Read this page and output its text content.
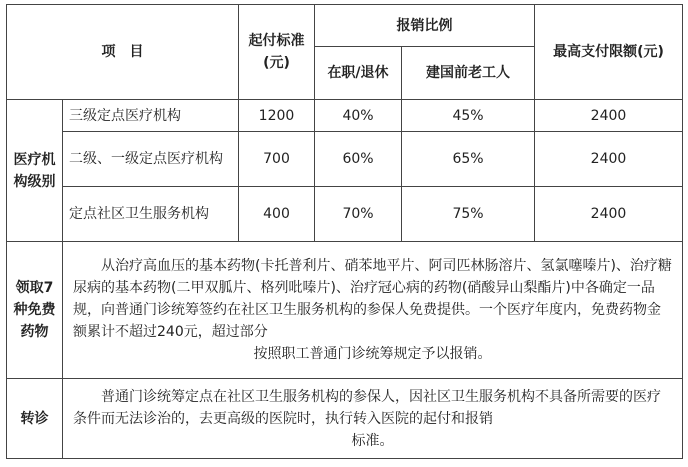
项　目		起付标准(元)	报销比例		最高支付限额(元)
			在职/退休	建国前老工人	
医疗机构级别	三级定点医疗机构	1200	40%	45%	2400
	二级、一级定点医疗机构	700	60%	65%	2400
	定点社区卫生服务机构	400	70%	75%	2400
领取7种免费药物	从治疗高血压的基本药物(卡托普利片、硝苯地平片、阿司匹林肠溶片、氢氯噻嗪片)、治疗糖尿病的基本药物(二甲双胍片、格列吡嗪片)、治疗冠心病的药物(硝酸异山梨酯片)中各确定一品规，向普通门诊统筹签约在社区卫生服务机构的参保人免费提供。一个医疗年度内，免费药物金额累计不超过240元，超过部分
按照职工普通门诊统筹规定予以报销。				

转诊	普通门诊统筹定点在社区卫生服务机构的参保人，因社区卫生服务机构不具备所需要的医疗条件而无法诊治的，去更高级的医院时，执行转入医院的起付和报销
标准。				
